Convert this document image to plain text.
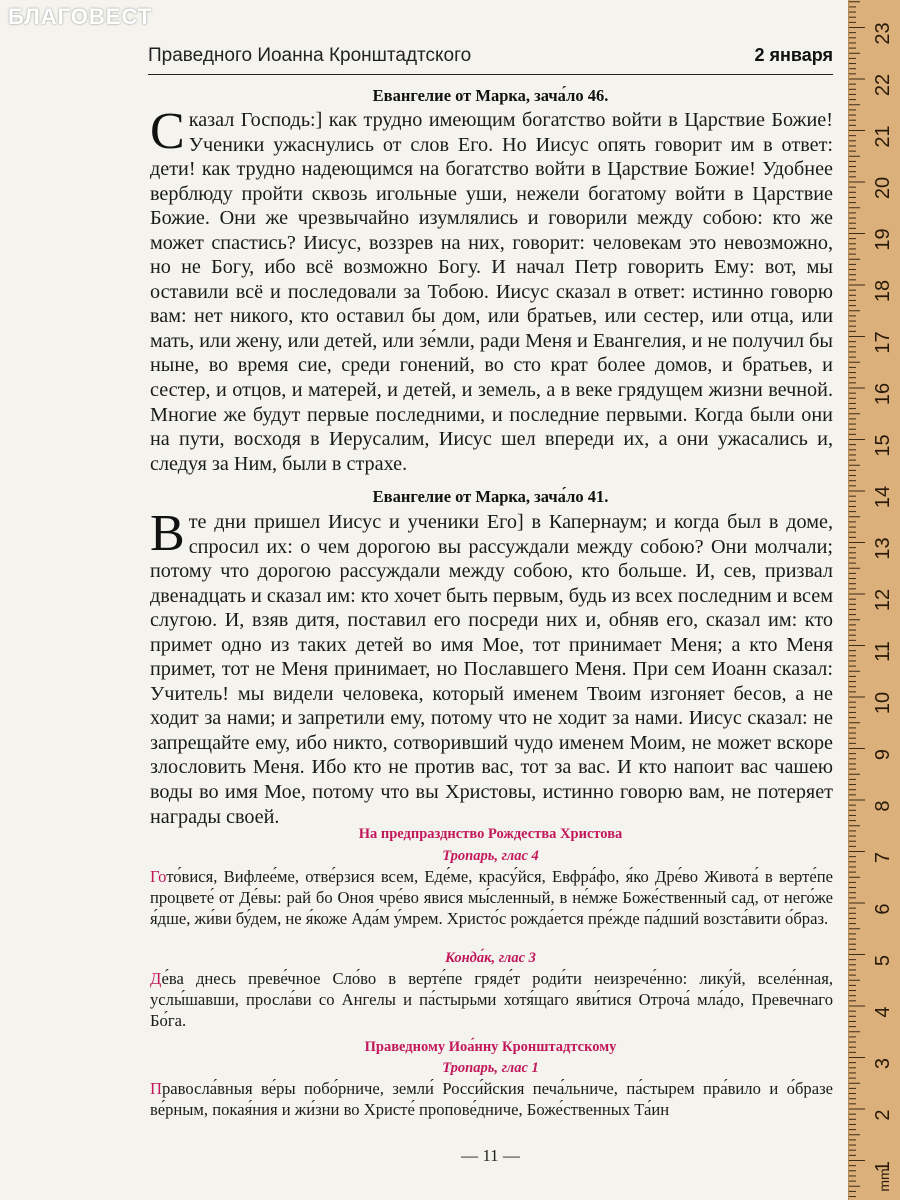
БЛАГОВЕСТ
Праведного Иоанна Кронштадтского	2 января
Евангелие от Марка, зача́ло 46.

Сказал Господь:] как трудно имеющим богатство войти в Царствие Божие! Ученики ужаснулись от слов Его. Но Иисус опять говорит им в ответ: дети! как трудно надеющимся на богатство войти в Царствие Божие! Удобнее верблюду пройти сквозь игольные уши, нежели богатому войти в Царствие Божие. Они же чрезвычайно изумлялись и говорили между собою: кто же может спастись? Иисус, воззрев на них, говорит: человекам это невозможно, но не Богу, ибо всё возможно Богу. И начал Петр говорить Ему: вот, мы оставили всё и последовали за Тобою. Иисус сказал в ответ: истинно говорю вам: нет никого, кто оставил бы дом, или братьев, или сестер, или отца, или мать, или жену, или детей, или зе́мли, ради Меня и Евангелия, и не получил бы ныне, во время сие, среди гонений, во сто крат более домов, и братьев, и сестер, и отцов, и матерей, и детей, и земель, а в веке грядущем жизни вечной. Многие же будут первые последними, и последние первыми. Когда были они на пути, восходя в Иерусалим, Иисус шел впереди их, а они ужасались и, следуя за Ним, были в страхе.

Евангелие от Марка, зача́ло 41.

Вте дни пришел Иисус и ученики Его] в Капернаум; и когда был в доме, спросил их: о чем дорогою вы рассуждали между собою? Они молчали; потому что дорогою рассуждали между собою, кто больше. И, сев, призвал двенадцать и сказал им: кто хочет быть первым, будь из всех последним и всем слугою. И, взяв дитя, поставил его посреди них и, обняв его, сказал им: кто примет одно из таких детей во имя Мое, тот принимает Меня; а кто Меня примет, тот не Меня принимает, но Пославшего Меня. При сем Иоанн сказал: Учитель! мы видели человека, который именем Твоим изгоняет бесов, а не ходит за нами; и запретили ему, потому что не ходит за нами. Иисус сказал: не запрещайте ему, ибо никто, сотворивший чудо именем Моим, не может вскоре злословить Меня. Ибо кто не против вас, тот за вас. И кто напоит вас чашею воды во имя Мое, потому что вы Христовы, истинно говорю вам, не потеряет награды своей.

На предпразднство Рождества Христова
Тропарь, глас 4

Гото́вися, Вифлее́ме, отве́рзися всем, Еде́ме, красу́йся, Евфра́фо, я́ко Дре́во Живота́ в верте́пе процвете́ от Де́вы: рай бо Оноя чре́во явися мы́сленный, в не́мже Боже́ственный сад, от него́же я́дше, жи́ви бу́дем, не я́коже Ада́м у́мрем. Христо́с рожда́ется пре́жде па́дший возста́вити о́браз.

Конда́к, глас 3

Де́ва днесь преве́чное Сло́во в верте́пе гряде́т роди́ти неизрече́нно: лику́й, вселе́нная, услы́шавши, просла́ви со Ангелы и па́стырьми хотя́щаго яви́тися Отроча́ мла́до, Превечнаго Бо́га.

Праведному Иоа́нну Кронштадтскому
Тропарь, глас 1

Правосла́вныя ве́ры побо́рниче, земли́ Росси́йския печа́льниче, па́стырем пра́вило и о́бразе ве́рным, покая́ния и жи́зни во Христе́ пропове́дниче, Боже́ственных Та́ин

— 11 —
1
2
3
4
5
6
7
8
9
10
11
12
13
14
15
16
17
18
19
20
21
22
23
mm
